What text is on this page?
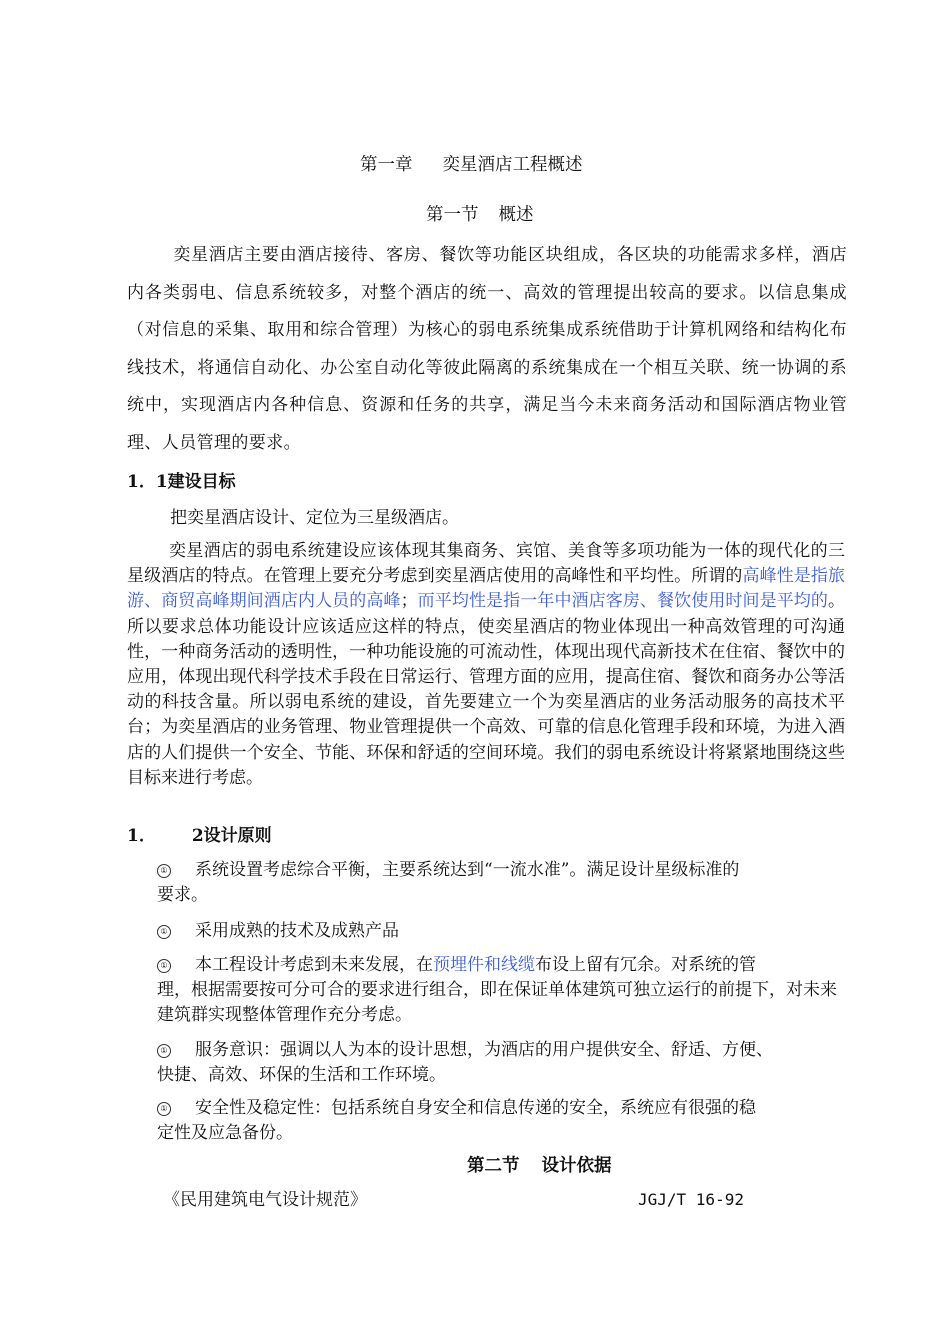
第一章 奕星酒店工程概述
第一节 概述
奕星酒店主要由酒店接待、客房、餐饮等功能区块组成，各区块的功能需求多样，酒店内各类弱电、信息系统较多，对整个酒店的统一、高效的管理提出较高的要求。以信息集成（对信息的采集、取用和综合管理）为核心的弱电系统集成系统借助于计算机网络和结构化布线技术，将通信自动化、办公室自动化等彼此隔离的系统集成在一个相互关联、统一协调的系统中，实现酒店内各种信息、资源和任务的共享，满足当今未来商务活动和国际酒店物业管理、人员管理的要求。
1．1建设目标
把奕星酒店设计、定位为三星级酒店。
奕星酒店的弱电系统建设应该体现其集商务、宾馆、美食等多项功能为一体的现代化的三星级酒店的特点。在管理上要充分考虑到奕星酒店使用的高峰性和平均性。所谓的高峰性是指旅游、商贸高峰期间酒店内人员的高峰；而平均性是指一年中酒店客房、餐饮使用时间是平均的。所以要求总体功能设计应该适应这样的特点，使奕星酒店的物业体现出一种高效管理的可沟通性，一种商务活动的透明性，一种功能设施的可流动性，体现出现代高新技术在住宿、餐饮中的应用，体现出现代科学技术手段在日常运行、管理方面的应用，提高住宿、餐饮和商务办公等活动的科技含量。所以弱电系统的建设，首先要建立一个为奕星酒店的业务活动服务的高技术平台；为奕星酒店的业务管理、物业管理提供一个高效、可靠的信息化管理手段和环境，为进入酒店的人们提供一个安全、节能、环保和舒适的空间环境。我们的弱电系统设计将紧紧地围绕这些目标来进行考虑。
1． 2设计原则
① 系统设置考虑综合平衡，主要系统达到“一流水准”。满足设计星级标准的
要求。
① 采用成熟的技术及成熟产品
① 本工程设计考虑到未来发展，在预埋件和线缆布设上留有冗余。对系统的管
理，根据需要按可分可合的要求进行组合，即在保证单体建筑可独立运行的前提下，对未来建筑群实现整体管理作充分考虑。
① 服务意识：强调以人为本的设计思想，为酒店的用户提供安全、舒适、方便、
快捷、高效、环保的生活和工作环境。
① 安全性及稳定性：包括系统自身安全和信息传递的安全，系统应有很强的稳
定性及应急备份。
第二节 设计依据
《民用建筑电气设计规范》	JGJ/T 16-92
